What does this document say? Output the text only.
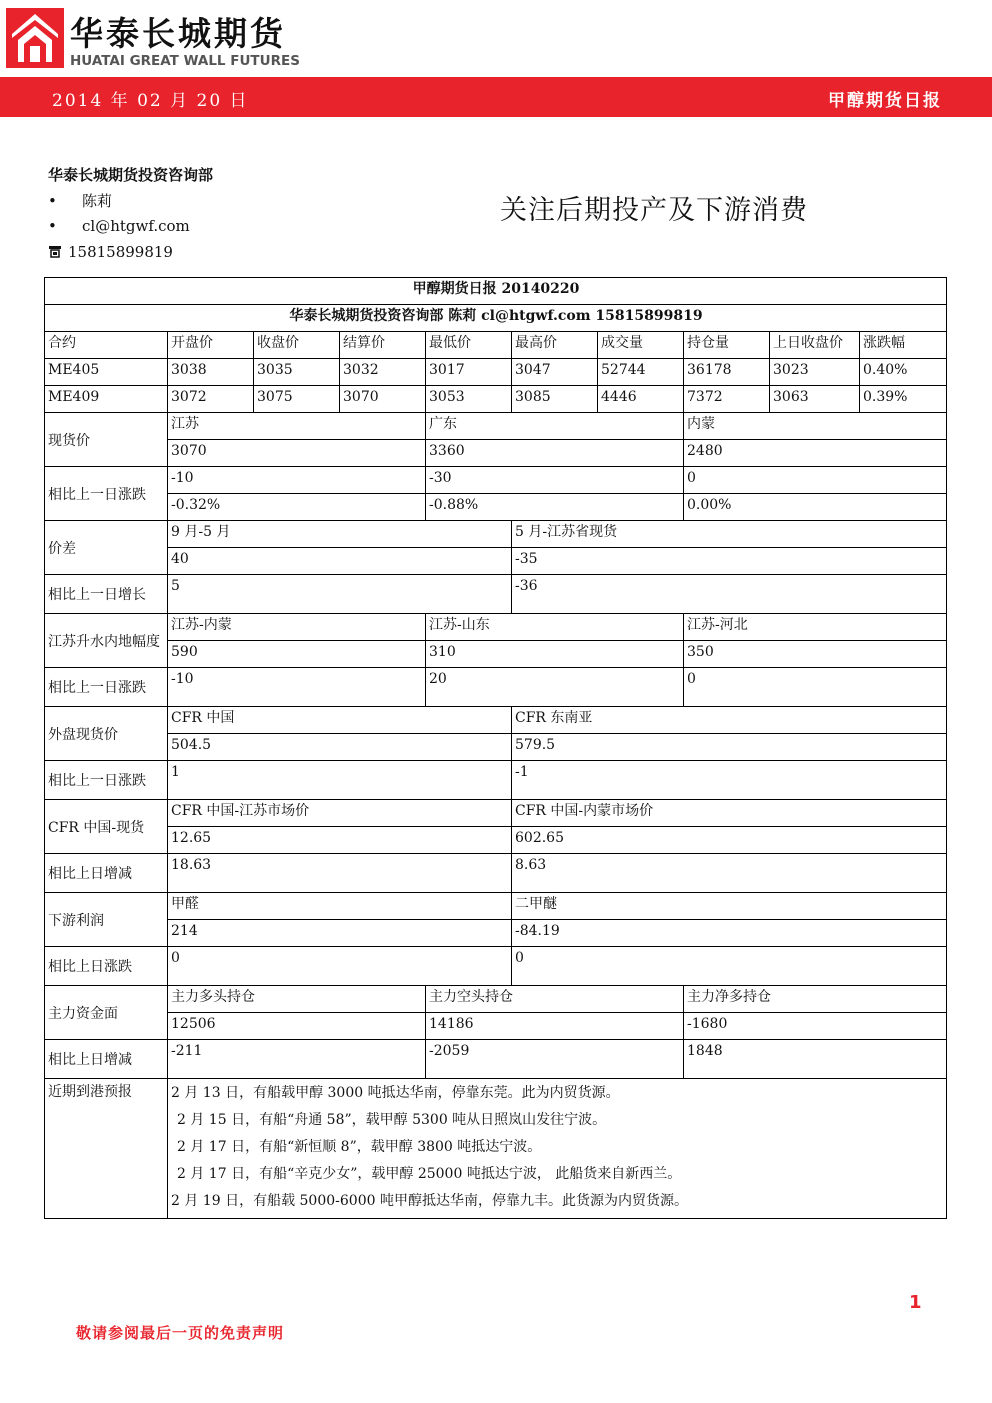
华泰长城期货
HUATAI GREAT WALL FUTURES
2014 年 02 月 20 日	甲醇期货日报
华泰长城期货投资咨询部
• 陈莉
• cl@htgwf.com
15815899819
关注后期投产及下游消费
甲醇期货日报 20140220									
华泰长城期货投资咨询部 陈莉 cl@htgwf.com 15815899819									
合约	开盘价	收盘价	结算价	最低价	最高价	成交量	持仓量	上日收盘价	涨跌幅
ME405	3038	3035	3032	3017	3047	52744	36178	3023	0.40%
ME409	3072	3075	3070	3053	3085	4446	7372	3063	0.39%
现货价	江苏			广东			内蒙		
	3070			3360			2480		
相比上一日涨跌	-10			-30			0		
	-0.32%			-0.88%			0.00%		
价差	9 月-5 月				5 月-江苏省现货				
	40				-35				
相比上一日增长	5				-36				
江苏升水内地幅度	江苏-内蒙			江苏-山东			江苏-河北		
	590			310			350		
相比上一日涨跌	-10			20			0		
外盘现货价	CFR 中国				CFR 东南亚				
	504.5				579.5				
相比上一日涨跌	1				-1				
CFR 中国-现货	CFR 中国-江苏市场价				CFR 中国-内蒙市场价				
	12.65				602.65				
相比上日增减	18.63				8.63				
下游利润	甲醛				二甲醚				
	214				-84.19				
相比上日涨跌	0				0				
主力资金面	主力多头持仓			主力空头持仓			主力净多持仓		
	12506			14186			-1680		
相比上日增减	-211			-2059			1848		
近期到港预报	2 月 13 日，有船载甲醇 3000 吨抵达华南，停靠东莞。此为内贸货源。
2 月 15 日，有船“舟通 58”，载甲醇 5300 吨从日照岚山发往宁波。
2 月 17 日，有船“新恒顺 8”，载甲醇 3800 吨抵达宁波。
2 月 17 日，有船“辛克少女”，载甲醇 25000 吨抵达宁波， 此船货来自新西兰。
2 月 19 日，有船载 5000-6000 吨甲醇抵达华南，停靠九丰。此货源为内贸货源。								
1
敬请参阅最后一页的免责声明
